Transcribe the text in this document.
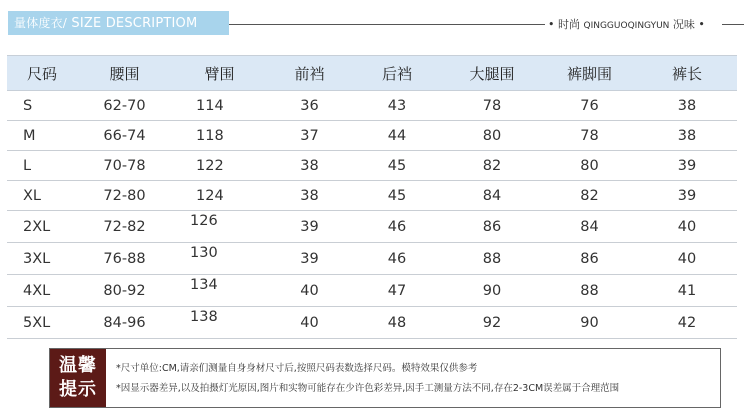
量体度衣/ SIZE DESCRIPTIOM	• 时尚 QINGGUOQINGYUN 况味 •
尺码	腰围	臂围	前裆	后裆	大腿围	裤脚围	裤长
S	62-70	114	36	43	78	76	38
M	66-74	118	37	44	80	78	38
L	70-78	122	38	45	82	80	39
XL	72-80	124	38	45	84	82	39
2XL	72-82	126	39	46	86	84	40
3XL	76-88	130	39	46	88	86	40
4XL	80-92	134	40	47	90	88	41
5XL	84-96	138	40	48	92	90	42
温馨
提示
*尺寸单位:CM,请亲们测量自身身材尺寸后,按照尺码表数选择尺码。模特效果仅供参考
*因显示器差异,以及拍摄灯光原因,图片和实物可能存在少许色彩差异,因手工测量方法不同,存在2-3CM误差属于合理范围
